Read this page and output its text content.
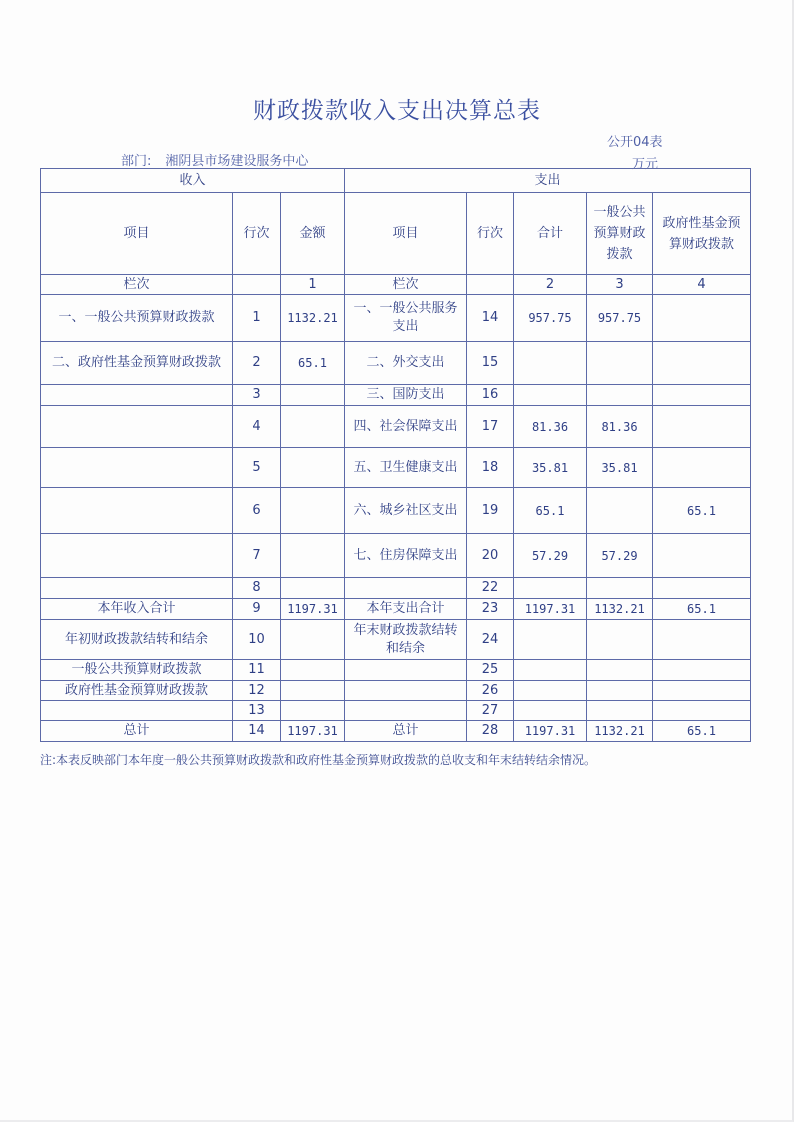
财政拨款收入支出决算总表
公开04表
部门: 湘阴县市场建设服务中心	万元
收入			支出				
项目	行次	金额	项目	行次	合计	一般公共预算财政拨款	政府性基金预算财政拨款
栏次		1	栏次		2	3	4
一、一般公共预算财政拨款	1	1132.21	一、一般公共服务支出	14	957.75	957.75	
二、政府性基金预算财政拨款	2	65.1	二、外交支出	15			
	3		三、国防支出	16			
	4		四、社会保障支出	17	81.36	81.36	
	5		五、卫生健康支出	18	35.81	35.81	
	6		六、城乡社区支出	19	65.1		65.1
	7		七、住房保障支出	20	57.29	57.29	
	8			22			
本年收入合计	9	1197.31	本年支出合计	23	1197.31	1132.21	65.1
年初财政拨款结转和结余	10		年末财政拨款结转和结余	24			
一般公共预算财政拨款	11			25			
政府性基金预算财政拨款	12			26			
	13			27			
总计	14	1197.31	总计	28	1197.31	1132.21	65.1
注:本表反映部门本年度一般公共预算财政拨款和政府性基金预算财政拨款的总收支和年末结转结余情况。
